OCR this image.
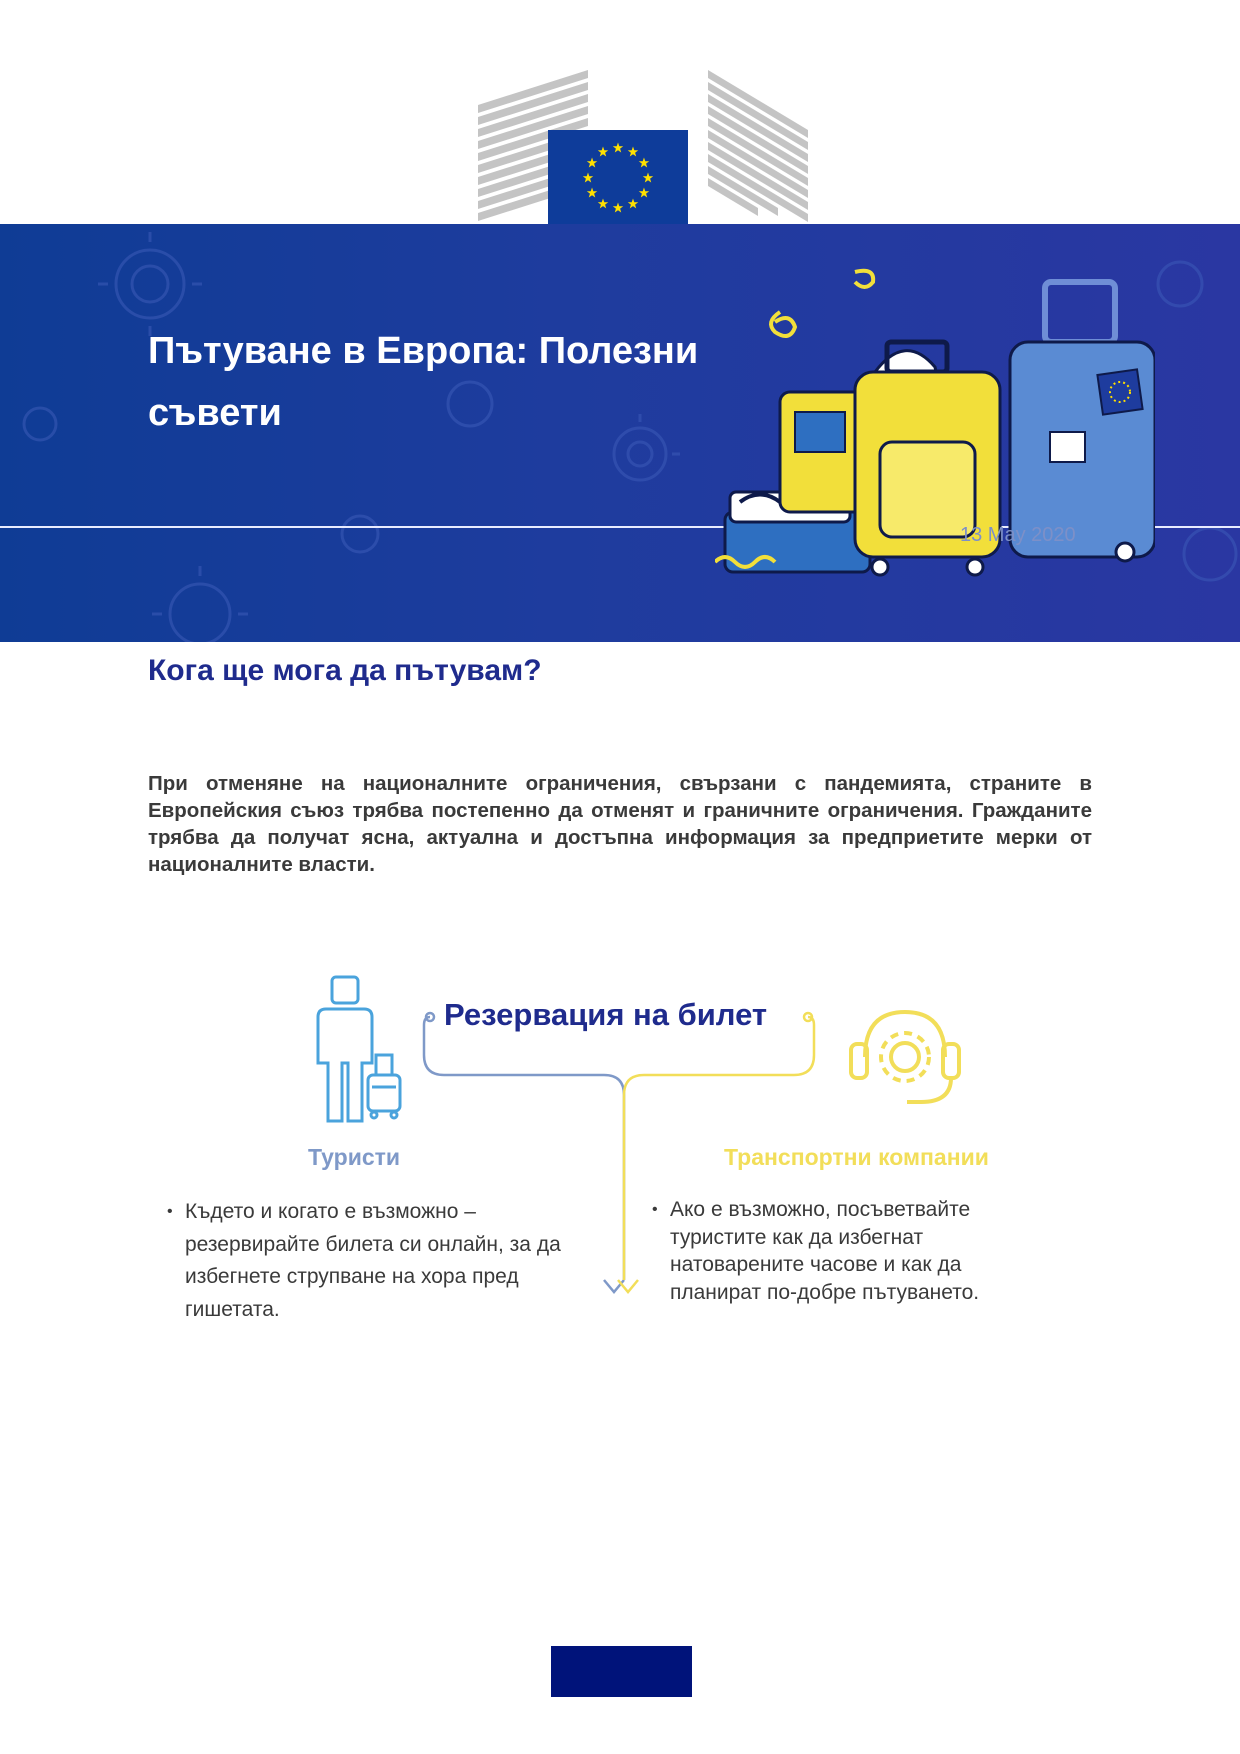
Пътуване в Европа: Полезни съвети
13 May 2020
Кога ще мога да пътувам?
При отменяне на националните ограничения, свързани с пандемията, страните в Европейския съюз трябва постепенно да отменят и граничните ограничения. Гражданите трябва да получат ясна, актуална и достъпна информация за предприетите мерки от националните власти.
Резервация на билет
Туристи	Транспортни компании
• Където и когато е възможно – резервирайте билета си онлайн, за да избегнете струпване на хора пред гишетата.
• Ако е възможно, посъветвайте туристите как да избегнат натоварените часове и как да планират по-добре пътуването.
